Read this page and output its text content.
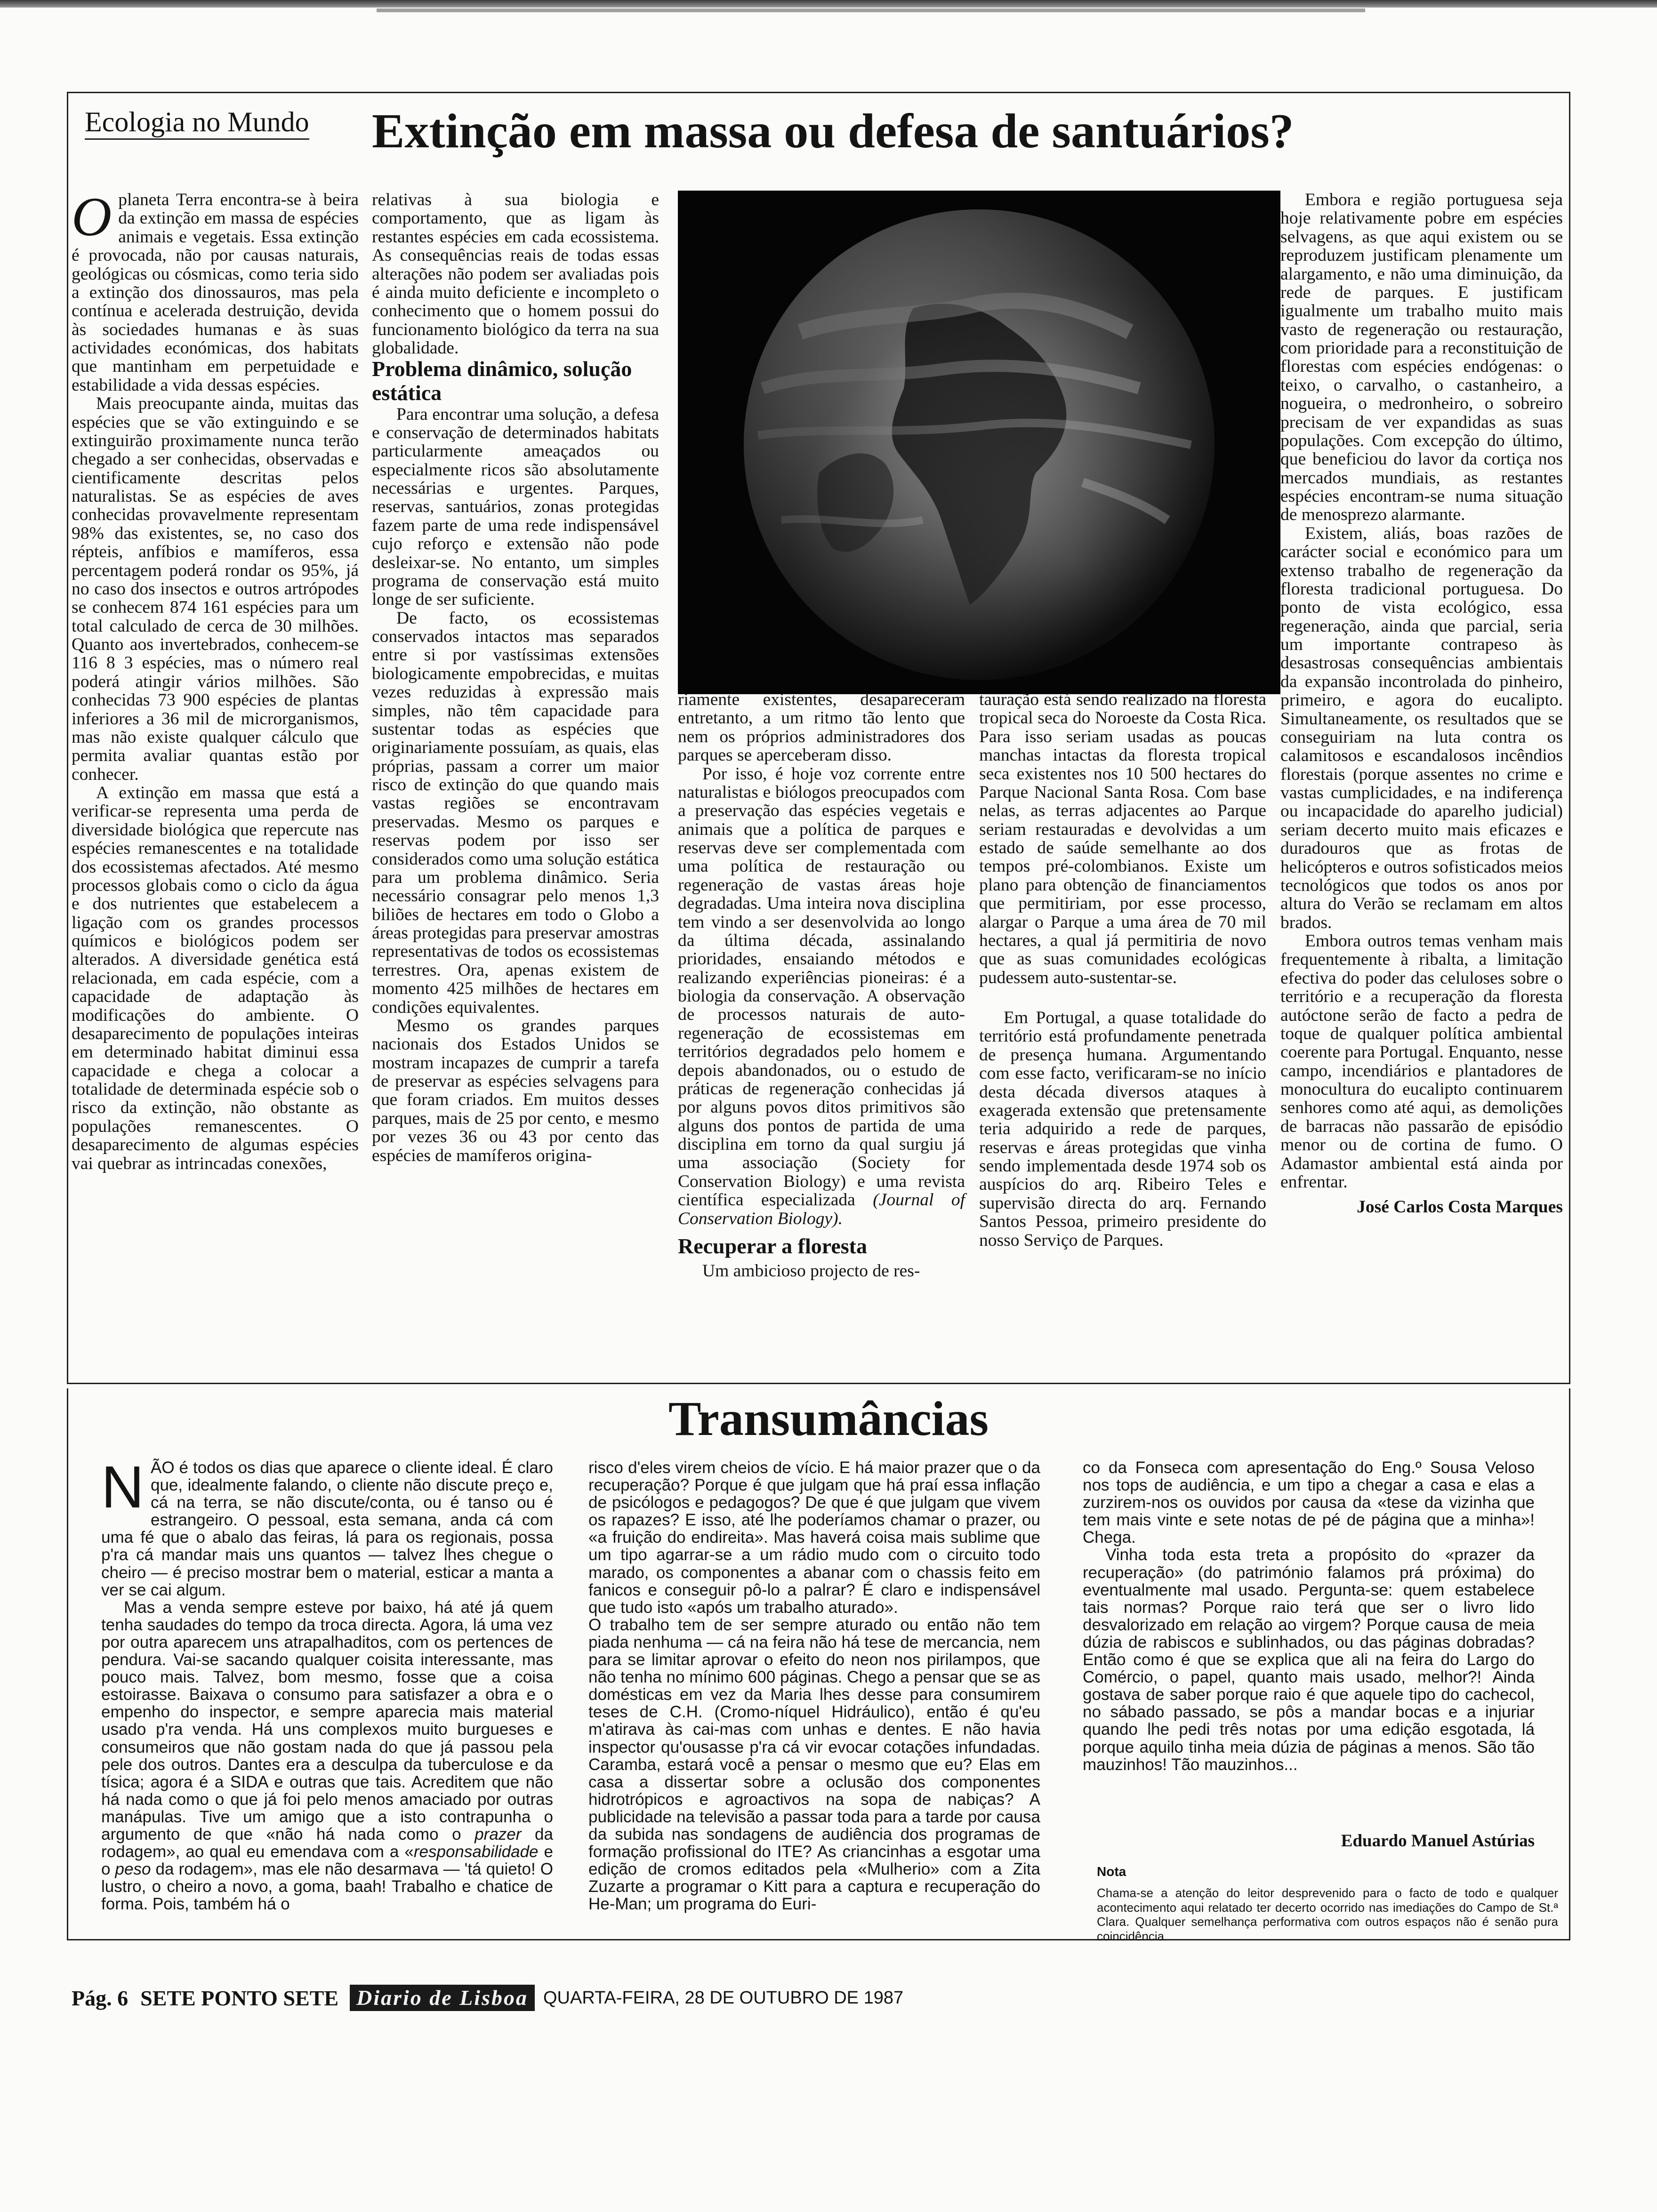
Ecologia no Mundo Extinção em massa ou defesa de santuários?

Oplaneta Terra encontra-se à beira da extinção em massa de espécies animais e vegetais. Essa extinção é provocada, não por causas naturais, geológicas ou cósmicas, como teria sido a extinção dos dinossauros, mas pela contínua e acelerada destruição, devida às sociedades humanas e às suas actividades económicas, dos habitats que mantinham em perpetuidade e estabilidade a vida dessas espécies.

Mais preocupante ainda, muitas das espécies que se vão extinguindo e se extinguirão proximamente nunca terão chegado a ser conhecidas, observadas e cientificamente descritas pelos naturalistas. Se as espécies de aves conhecidas provavelmente representam 98% das existentes, se, no caso dos répteis, anfíbios e mamíferos, essa percentagem poderá rondar os 95%, já no caso dos insectos e outros artrópodes se conhecem 874 161 espécies para um total calculado de cerca de 30 milhões. Quanto aos invertebrados, conhecem-se 116 8 3 espécies, mas o número real poderá atingir vários milhões. São conhecidas 73 900 espécies de plantas inferiores a 36 mil de microrganismos, mas não existe qualquer cálculo que permita avaliar quantas estão por conhecer.

A extinção em massa que está a verificar-se representa uma perda de diversidade biológica que repercute nas espécies remanescentes e na totalidade dos ecossistemas afectados. Até mesmo processos globais como o ciclo da água e dos nutrientes que estabelecem a ligação com os grandes processos químicos e biológicos podem ser alterados. A diversidade genética está relacionada, em cada espécie, com a capacidade de adaptação às modificações do ambiente. O desaparecimento de populações inteiras em determinado habitat diminui essa capacidade e chega a colocar a totalidade de determinada espécie sob o risco da extinção, não obstante as populações remanescentes. O desaparecimento de algumas espécies vai quebrar as intrincadas conexões,

relativas à sua biologia e comportamento, que as ligam às restantes espécies em cada ecossistema. As consequências reais de todas essas alterações não podem ser avaliadas pois é ainda muito deficiente e incompleto o conhecimento que o homem possui do funcionamento biológico da terra na sua globalidade.

Problema dinâmico, solução estática

Para encontrar uma solução, a defesa e conservação de determinados habitats particularmente ameaçados ou especialmente ricos são absolutamente necessárias e urgentes. Parques, reservas, santuários, zonas protegidas fazem parte de uma rede indispensável cujo reforço e extensão não pode desleixar-se. No entanto, um simples programa de conservação está muito longe de ser suficiente.

De facto, os ecossistemas conservados intactos mas separados entre si por vastíssimas extensões biologicamente empobrecidas, e muitas vezes reduzidas à expressão mais simples, não têm capacidade para sustentar todas as espécies que originariamente possuíam, as quais, elas próprias, passam a correr um maior risco de extinção do que quando mais vastas regiões se encontravam preservadas. Mesmo os parques e reservas podem por isso ser considerados como uma solução estática para um problema dinâmico. Seria necessário consagrar pelo menos 1,3 biliões de hectares em todo o Globo a áreas protegidas para preservar amostras representativas de todos os ecossistemas terrestres. Ora, apenas existem de momento 425 milhões de hectares em condições equivalentes.

Mesmo os grandes parques nacionais dos Estados Unidos se mostram incapazes de cumprir a tarefa de preservar as espécies selvagens para que foram criados. Em muitos desses parques, mais de 25 por cento, e mesmo por vezes 36 ou 43 por cento das espécies de mamíferos origina-

riamente existentes, desapareceram entretanto, a um ritmo tão lento que nem os próprios administradores dos parques se aperceberam disso.

Por isso, é hoje voz corrente entre naturalistas e biólogos preocupados com a preservação das espécies vegetais e animais que a política de parques e reservas deve ser complementada com uma política de restauração ou regeneração de vastas áreas hoje degradadas. Uma inteira nova disciplina tem vindo a ser desenvolvida ao longo da última década, assinalando prioridades, ensaiando métodos e realizando experiências pioneiras: é a biologia da conservação. A observação de processos naturais de auto-regeneração de ecossistemas em territórios degradados pelo homem e depois abandonados, ou o estudo de práticas de regeneração conhecidas já por alguns povos ditos primitivos são alguns dos pontos de partida de uma disciplina em torno da qual surgiu já uma associação (Society for Conservation Biology) e uma revista científica especializada (Journal of Conservation Biology).

Recuperar a floresta

Um ambicioso projecto de res-

tauração está sendo realizado na floresta tropical seca do Noroeste da Costa Rica. Para isso seriam usadas as poucas manchas intactas da floresta tropical seca existentes nos 10 500 hectares do Parque Nacional Santa Rosa. Com base nelas, as terras adjacentes ao Parque seriam restauradas e devolvidas a um estado de saúde semelhante ao dos tempos pré-colombianos. Existe um plano para obtenção de financiamentos que permitiriam, por esse processo, alargar o Parque a uma área de 70 mil hectares, a qual já permitiria de novo que as suas comunidades ecológicas pudessem auto-sustentar-se.

Em Portugal, a quase totalidade do território está profundamente penetrada de presença humana. Argumentando com esse facto, verificaram-se no início desta década diversos ataques à exagerada extensão que pretensamente teria adquirido a rede de parques, reservas e áreas protegidas que vinha sendo implementada desde 1974 sob os auspícios do arq. Ribeiro Teles e supervisão directa do arq. Fernando Santos Pessoa, primeiro presidente do nosso Serviço de Parques.

Embora e região portuguesa seja hoje relativamente pobre em espécies selvagens, as que aqui existem ou se reproduzem justificam plenamente um alargamento, e não uma diminuição, da rede de parques. E justificam igualmente um trabalho muito mais vasto de regeneração ou restauração, com prioridade para a reconstituição de florestas com espécies endógenas: o teixo, o carvalho, o castanheiro, a nogueira, o medronheiro, o sobreiro precisam de ver expandidas as suas populações. Com excepção do último, que beneficiou do lavor da cortiça nos mercados mundiais, as restantes espécies encontram-se numa situação de menosprezo alarmante.

Existem, aliás, boas razões de carácter social e económico para um extenso trabalho de regeneração da floresta tradicional portuguesa. Do ponto de vista ecológico, essa regeneração, ainda que parcial, seria um importante contrapeso às desastrosas consequências ambientais da expansão incontrolada do pinheiro, primeiro, e agora do eucalipto. Simultaneamente, os resultados que se conseguiriam na luta contra os calamitosos e escandalosos incêndios florestais (porque assentes no crime e vastas cumplicidades, e na indiferença ou incapacidade do aparelho judicial) seriam decerto muito mais eficazes e duradouros que as frotas de helicópteros e outros sofisticados meios tecnológicos que todos os anos por altura do Verão se reclamam em altos brados.

Embora outros temas venham mais frequentemente à ribalta, a limitação efectiva do poder das celuloses sobre o território e a recuperação da floresta autóctone serão de facto a pedra de toque de qualquer política ambiental coerente para Portugal. Enquanto, nesse campo, incendiários e plantadores de monocultura do eucalipto continuarem senhores como até aqui, as demolições de barracas não passarão de episódio menor ou de cortina de fumo. O Adamastor ambiental está ainda por enfrentar.

José Carlos Costa Marques

Transumâncias

NÃO é todos os dias que aparece o cliente ideal. É claro que, idealmente falando, o cliente não discute preço e, cá na terra, se não discute/conta, ou é tanso ou é estrangeiro. O pessoal, esta semana, anda cá com uma fé que o abalo das feiras, lá para os regionais, possa p'ra cá mandar mais uns quantos — talvez lhes chegue o cheiro — é preciso mostrar bem o material, esticar a manta a ver se cai algum.

Mas a venda sempre esteve por baixo, há até já quem tenha saudades do tempo da troca directa. Agora, lá uma vez por outra aparecem uns atrapalhaditos, com os pertences de pendura. Vai-se sacando qualquer coisita interessante, mas pouco mais. Talvez, bom mesmo, fosse que a coisa estoirasse. Baixava o consumo para satisfazer a obra e o empenho do inspector, e sempre aparecia mais material usado p'ra venda. Há uns complexos muito burgueses e consumeiros que não gostam nada do que já passou pela pele dos outros. Dantes era a desculpa da tuberculose e da tísica; agora é a SIDA e outras que tais. Acreditem que não há nada como o que já foi pelo menos amaciado por outras manápulas. Tive um amigo que a isto contrapunha o argumento de que «não há nada como o prazer da rodagem», ao qual eu emendava com a «responsabilidade e o peso da rodagem», mas ele não desarmava — 'tá quieto! O lustro, o cheiro a novo, a goma, baah! Trabalho e chatice de forma. Pois, também há o

risco d'eles virem cheios de vício. E há maior prazer que o da recuperação? Porque é que julgam que há praí essa inflação de psicólogos e pedagogos? De que é que julgam que vivem os rapazes? E isso, até lhe poderíamos chamar o prazer, ou «a fruição do endireita». Mas haverá coisa mais sublime que um tipo agarrar-se a um rádio mudo com o circuito todo marado, os componentes a abanar com o chassis feito em fanicos e conseguir pô-lo a palrar? É claro e indispensável que tudo isto «após um trabalho aturado».

O trabalho tem de ser sempre aturado ou então não tem piada nenhuma — cá na feira não há tese de mercancia, nem para se limitar aprovar o efeito do neon nos pirilampos, que não tenha no mínimo 600 páginas. Chego a pensar que se as domésticas em vez da Maria lhes desse para consumirem teses de C.H. (Cromo-níquel Hidráulico), então é qu'eu m'atirava às cai-mas com unhas e dentes. E não havia inspector qu'ousasse p'ra cá vir evocar cotações infundadas. Caramba, estará você a pensar o mesmo que eu? Elas em casa a dissertar sobre a oclusão dos componentes hidrotrópicos e agroactivos na sopa de nabiças? A publicidade na televisão a passar toda para a tarde por causa da subida nas sondagens de audiência dos programas de formação profissional do ITE? As criancinhas a esgotar uma edição de cromos editados pela «Mulherio» com a Zita Zuzarte a programar o Kitt para a captura e recuperação do He-Man; um programa do Euri-

co da Fonseca com apresentação do Eng.º Sousa Veloso nos tops de audiência, e um tipo a chegar a casa e elas a zurzirem-nos os ouvidos por causa da «tese da vizinha que tem mais vinte e sete notas de pé de página que a minha»! Chega.

Vinha toda esta treta a propósito do «prazer da recuperação» (do património falamos prá próxima) do eventualmente mal usado. Pergunta-se: quem estabelece tais normas? Porque raio terá que ser o livro lido desvalorizado em relação ao virgem? Porque causa de meia dúzia de rabiscos e sublinhados, ou das páginas dobradas? Então como é que se explica que ali na feira do Largo do Comércio, o papel, quanto mais usado, melhor?! Ainda gostava de saber porque raio é que aquele tipo do cachecol, no sábado passado, se pôs a mandar bocas e a injuriar quando lhe pedi três notas por uma edição esgotada, lá porque aquilo tinha meia dúzia de páginas a menos. São tão mauzinhos! Tão mauzinhos...

Eduardo Manuel Astúrias
Nota
Chama-se a atenção do leitor desprevenido para o facto de todo e qualquer acontecimento aqui relatado ter decerto ocorrido nas imediações do Campo de St.ª Clara. Qualquer semelhança performativa com outros espaços não é senão pura coincidência.
Pág. 6 SETE PONTO SETE Diario de Lisboa QUARTA-FEIRA, 28 DE OUTUBRO DE 1987
